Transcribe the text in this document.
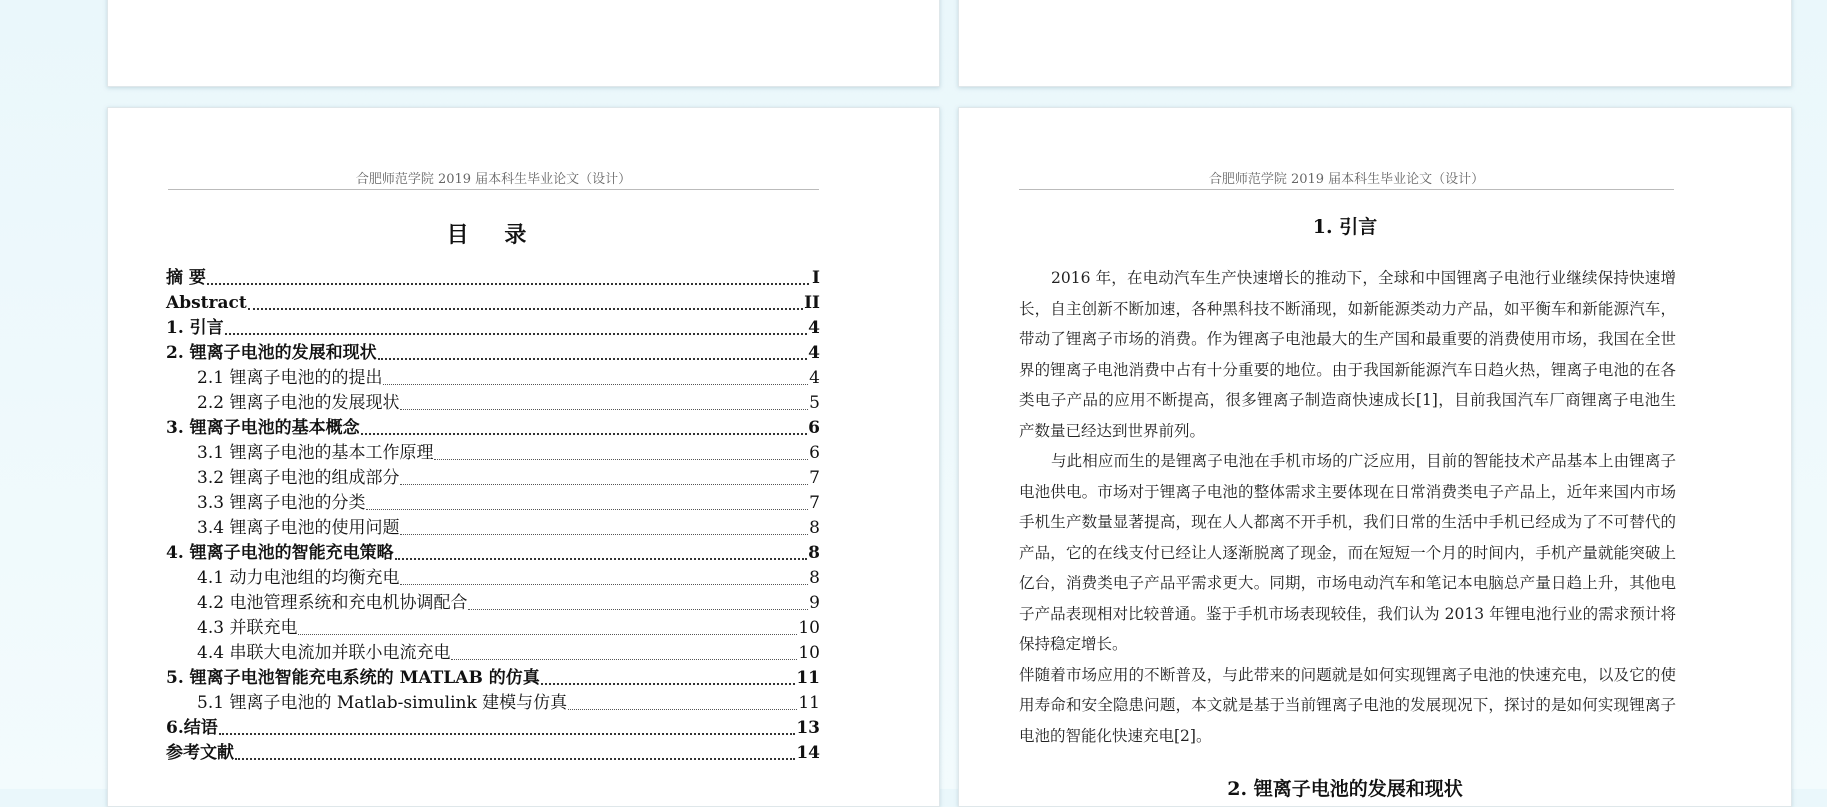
合肥师范学院 2019 届本科生毕业论文（设计）
目 录
摘 要	I
Abstract	II
1. 引言	4
2. 锂离子电池的发展和现状	4
2.1 锂离子电池的的提出	4
2.2 锂离子电池的发展现状	5
3. 锂离子电池的基本概念	6
3.1 锂离子电池的基本工作原理	6
3.2 锂离子电池的组成部分	7
3.3 锂离子电池的分类	7
3.4 锂离子电池的使用问题	8
4. 锂离子电池的智能充电策略	8
4.1 动力电池组的均衡充电	8
4.2 电池管理系统和充电机协调配合	9
4.3 并联充电	10
4.4 串联大电流加并联小电流充电	10
5. 锂离子电池智能充电系统的 MATLAB 的仿真	11
5.1 锂离子电池的 Matlab-simulink 建模与仿真	11
6.结语	13
参考文献	14
合肥师范学院 2019 届本科生毕业论文（设计）
1. 引言

2016 年，在电动汽车生产快速增长的推动下，全球和中国锂离子电池行业继续保持快速增长，自主创新不断加速，各种黑科技不断涌现，如新能源类动力产品，如平衡车和新能源汽车，带动了锂离子市场的消费。作为锂离子电池最大的生产国和最重要的消费使用市场，我国在全世界的锂离子电池消费中占有十分重要的地位。由于我国新能源汽车日趋火热，锂离子电池的在各类电子产品的应用不断提高，很多锂离子制造商快速成长[1]，目前我国汽车厂商锂离子电池生产数量已经达到世界前列。

与此相应而生的是锂离子电池在手机市场的广泛应用，目前的智能技术产品基本上由锂离子电池供电。市场对于锂离子电池的整体需求主要体现在日常消费类电子产品上，近年来国内市场手机生产数量显著提高，现在人人都离不开手机，我们日常的生活中手机已经成为了不可替代的产品，它的在线支付已经让人逐渐脱离了现金，而在短短一个月的时间内，手机产量就能突破上亿台，消费类电子产品平需求更大。同期，市场电动汽车和笔记本电脑总产量日趋上升，其他电子产品表现相对比较普通。鉴于手机市场表现较佳，我们认为 2013 年锂电池行业的需求预计将保持稳定增长。

伴随着市场应用的不断普及，与此带来的问题就是如何实现锂离子电池的快速充电，以及它的使用寿命和安全隐患问题，本文就是基于当前锂离子电池的发展现况下，探讨的是如何实现锂离子电池的智能化快速充电[2]。

2. 锂离子电池的发展和现状
